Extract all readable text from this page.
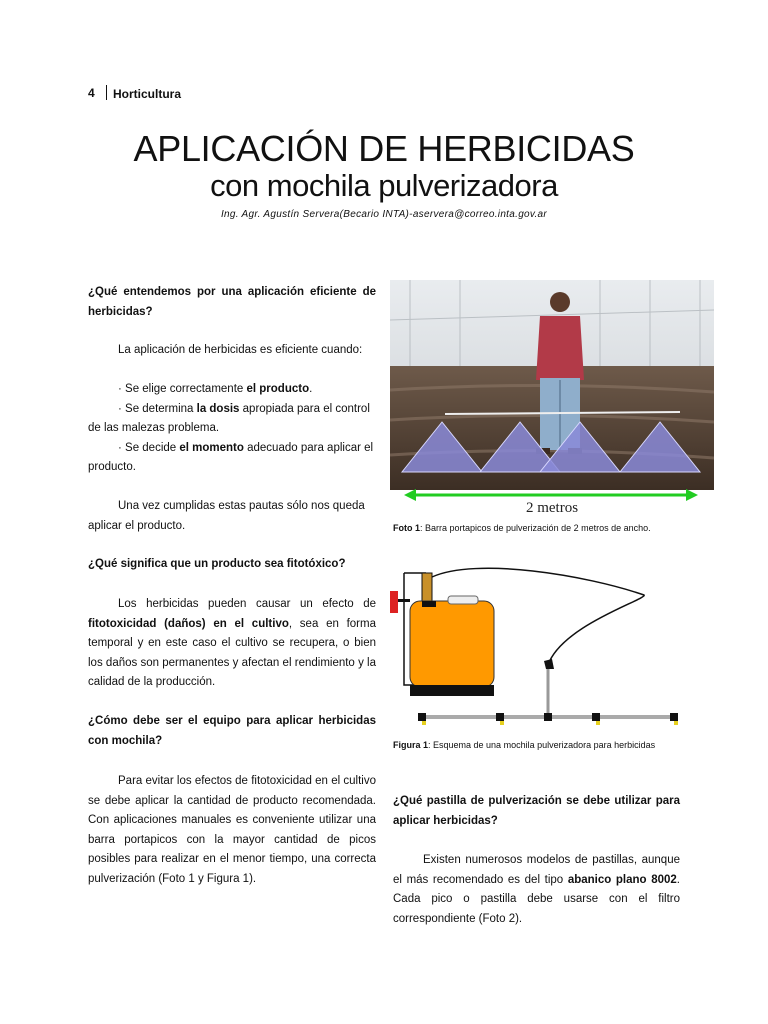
4 Horticultura
APLICACIÓN DE HERBICIDAS
con mochila pulverizadora
Ing. Agr. Agustín Servera(Becario INTA)-aservera@correo.inta.gov.ar

¿Qué entendemos por una aplicación eficiente de herbicidas?

La aplicación de herbicidas es eficiente cuando:

· Se elige correctamente el producto.

· Se determina la dosis apropiada para el control de las malezas problema.

· Se decide el momento adecuado para aplicar el producto.

Una vez cumplidas estas pautas sólo nos queda aplicar el producto.

¿Qué significa que un producto sea fitotóxico?

Los herbicidas pueden causar un efecto de fitotoxicidad (daños) en el cultivo, sea en forma temporal y en este caso el cultivo se recupera, o bien los daños son permanentes y afectan el rendimiento y la calidad de la producción.

¿Cómo debe ser el equipo para aplicar herbicidas con mochila?

Para evitar los efectos de fitotoxicidad en el cultivo se debe aplicar la cantidad de producto recomendada. Con aplicaciones manuales es conveniente utilizar una barra portapicos con la mayor cantidad de picos posibles para realizar en el menor tiempo, una correcta pulverización (Foto 1 y Figura 1).

2 metros
Foto 1: Barra portapicos de pulverización de 2 metros de ancho.
Figura 1: Esquema de una mochila pulverizadora para herbicidas

¿Qué pastilla de pulverización se debe utilizar para aplicar herbicidas?

Existen numerosos modelos de pastillas, aunque el más recomendado es del tipo abanico plano 8002. Cada pico o pastilla debe usarse con el filtro correspondiente (Foto 2).
